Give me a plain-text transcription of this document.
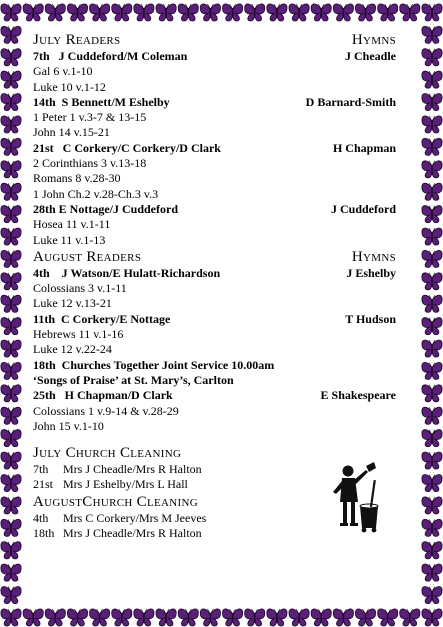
July Readers	Hymns
7th J Cuddeford/M Coleman	J Cheadle
Gal 6 v.1-10
Luke 10 v.1-12
14th S Bennett/M Eshelby	D Barnard-Smith
1 Peter 1 v.3-7 & 13-15
John 14 v.15-21
21st C Corkery/C Corkery/D Clark	H Chapman
2 Corinthians 3 v.13-18
Romans 8 v.28-30
1 John Ch.2 v.28-Ch.3 v.3
28th E Nottage/J Cuddeford	J Cuddeford
Hosea 11 v.1-11
Luke 11 v.1-13
August Readers	Hymns
4th J Watson/E Hulatt-Richardson	J Eshelby
Colossians 3 v.1-11
Luke 12 v.13-21
11th C Corkery/E Nottage	T Hudson
Hebrews 11 v.1-16
Luke 12 v.22-24
18th Churches Together Joint Service 10.00am
‘Songs of Praise’ at St. Mary’s, Carlton
25th H Chapman/D Clark	E Shakespeare
Colossians 1 v.9-14 & v.28-29
John 15 v.1-10
July Church Cleaning
7th Mrs J Cheadle/Mrs R Halton
21st Mrs J Eshelby/Mrs L Hall
AugustChurch Cleaning
4th Mrs C Corkery/Mrs M Jeeves
18th Mrs J Cheadle/Mrs R Halton
